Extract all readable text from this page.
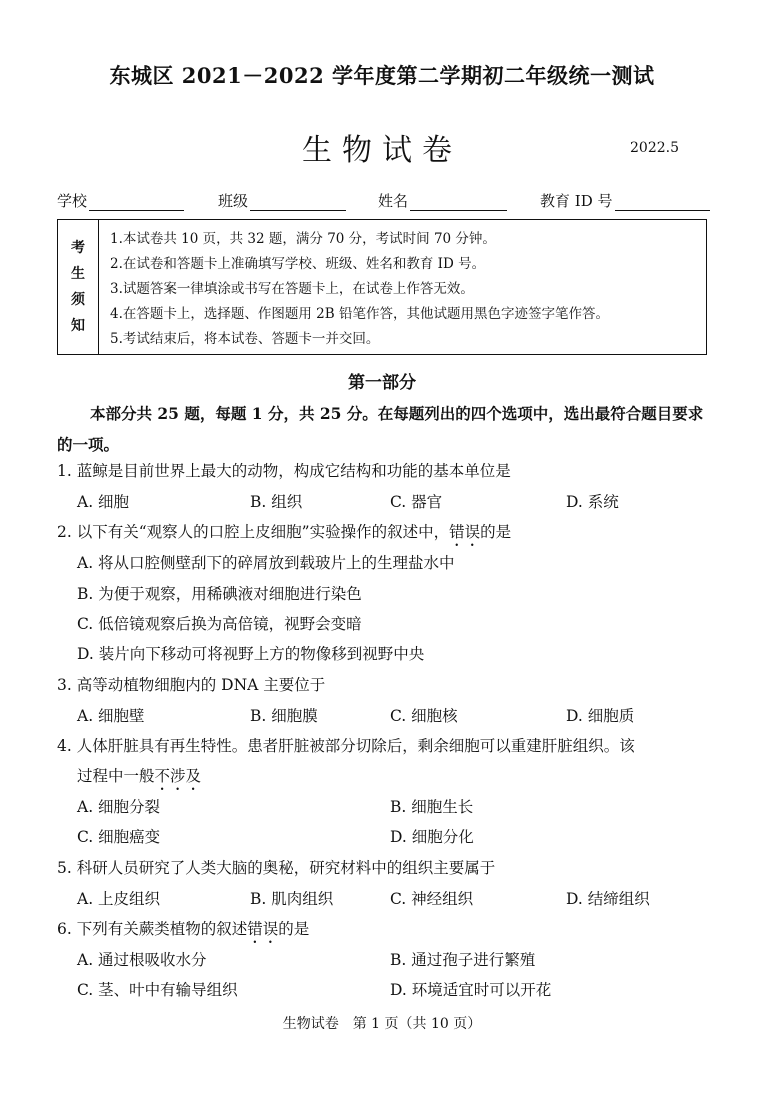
东城区 2021－2022 学年度第二学期初二年级统一测试
生物试卷	2022.5
学校	班级	姓名	教育 ID 号
考
生
须
知
1.本试卷共 10 页，共 32 题，满分 70 分，考试时间 70 分钟。
2.在试卷和答题卡上准确填写学校、班级、姓名和教育 ID 号。
3.试题答案一律填涂或书写在答题卡上，在试卷上作答无效。
4.在答题卡上，选择题、作图题用 2B 铅笔作答，其他试题用黑色字迹签字笔作答。
5.考试结束后，将本试卷、答题卡一并交回。
第一部分
本部分共 25 题，每题 1 分，共 25 分。在每题列出的四个选项中，选出最符合题目要求的一项。
1. 蓝鲸是目前世界上最大的动物，构成它结构和功能的基本单位是
A. 细胞	B. 组织	C. 器官	D. 系统
2. 以下有关“观察人的口腔上皮细胞”实验操作的叙述中，错误的是
A. 将从口腔侧壁刮下的碎屑放到载玻片上的生理盐水中
B. 为便于观察，用稀碘液对细胞进行染色
C. 低倍镜观察后换为高倍镜，视野会变暗
D. 装片向下移动可将视野上方的物像移到视野中央
3. 高等动植物细胞内的 DNA 主要位于
A. 细胞壁	B. 细胞膜	C. 细胞核	D. 细胞质
4. 人体肝脏具有再生特性。患者肝脏被部分切除后，剩余细胞可以重建肝脏组织。该
过程中一般不涉及
A. 细胞分裂	B. 细胞生长
C. 细胞癌变	D. 细胞分化
5. 科研人员研究了人类大脑的奥秘，研究材料中的组织主要属于
A. 上皮组织	B. 肌肉组织	C. 神经组织	D. 结缔组织
6. 下列有关蕨类植物的叙述错误的是
A. 通过根吸收水分	B. 通过孢子进行繁殖
C. 茎、叶中有输导组织	D. 环境适宜时可以开花
生物试卷　第 1 页（共 10 页）
